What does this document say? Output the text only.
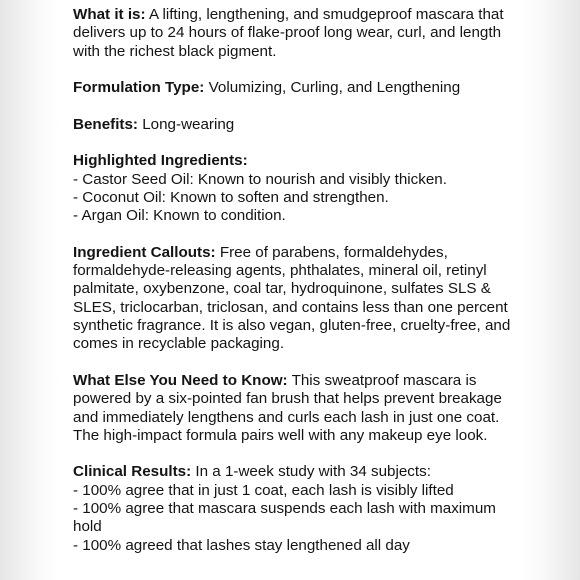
What it is: A lifting, lengthening, and smudgeproof mascara that delivers up to 24 hours of flake-proof long wear, curl, and length with the richest black pigment.
Formulation Type: Volumizing, Curling, and Lengthening
Benefits: Long-wearing
Highlighted Ingredients:
- Castor Seed Oil: Known to nourish and visibly thicken.
- Coconut Oil: Known to soften and strengthen.
- Argan Oil: Known to condition.
Ingredient Callouts: Free of parabens, formaldehydes, formaldehyde-releasing agents, phthalates, mineral oil, retinyl palmitate, oxybenzone, coal tar, hydroquinone, sulfates SLS & SLES, triclocarban, triclosan, and contains less than one percent synthetic fragrance. It is also vegan, gluten-free, cruelty-free, and comes in recyclable packaging.
What Else You Need to Know: This sweatproof mascara is powered by a six-pointed fan brush that helps prevent breakage and immediately lengthens and curls each lash in just one coat. The high-impact formula pairs well with any makeup eye look.
Clinical Results: In a 1-week study with 34 subjects:
- 100% agree that in just 1 coat, each lash is visibly lifted
- 100% agree that mascara suspends each lash with maximum hold
- 100% agreed that lashes stay lengthened all day
